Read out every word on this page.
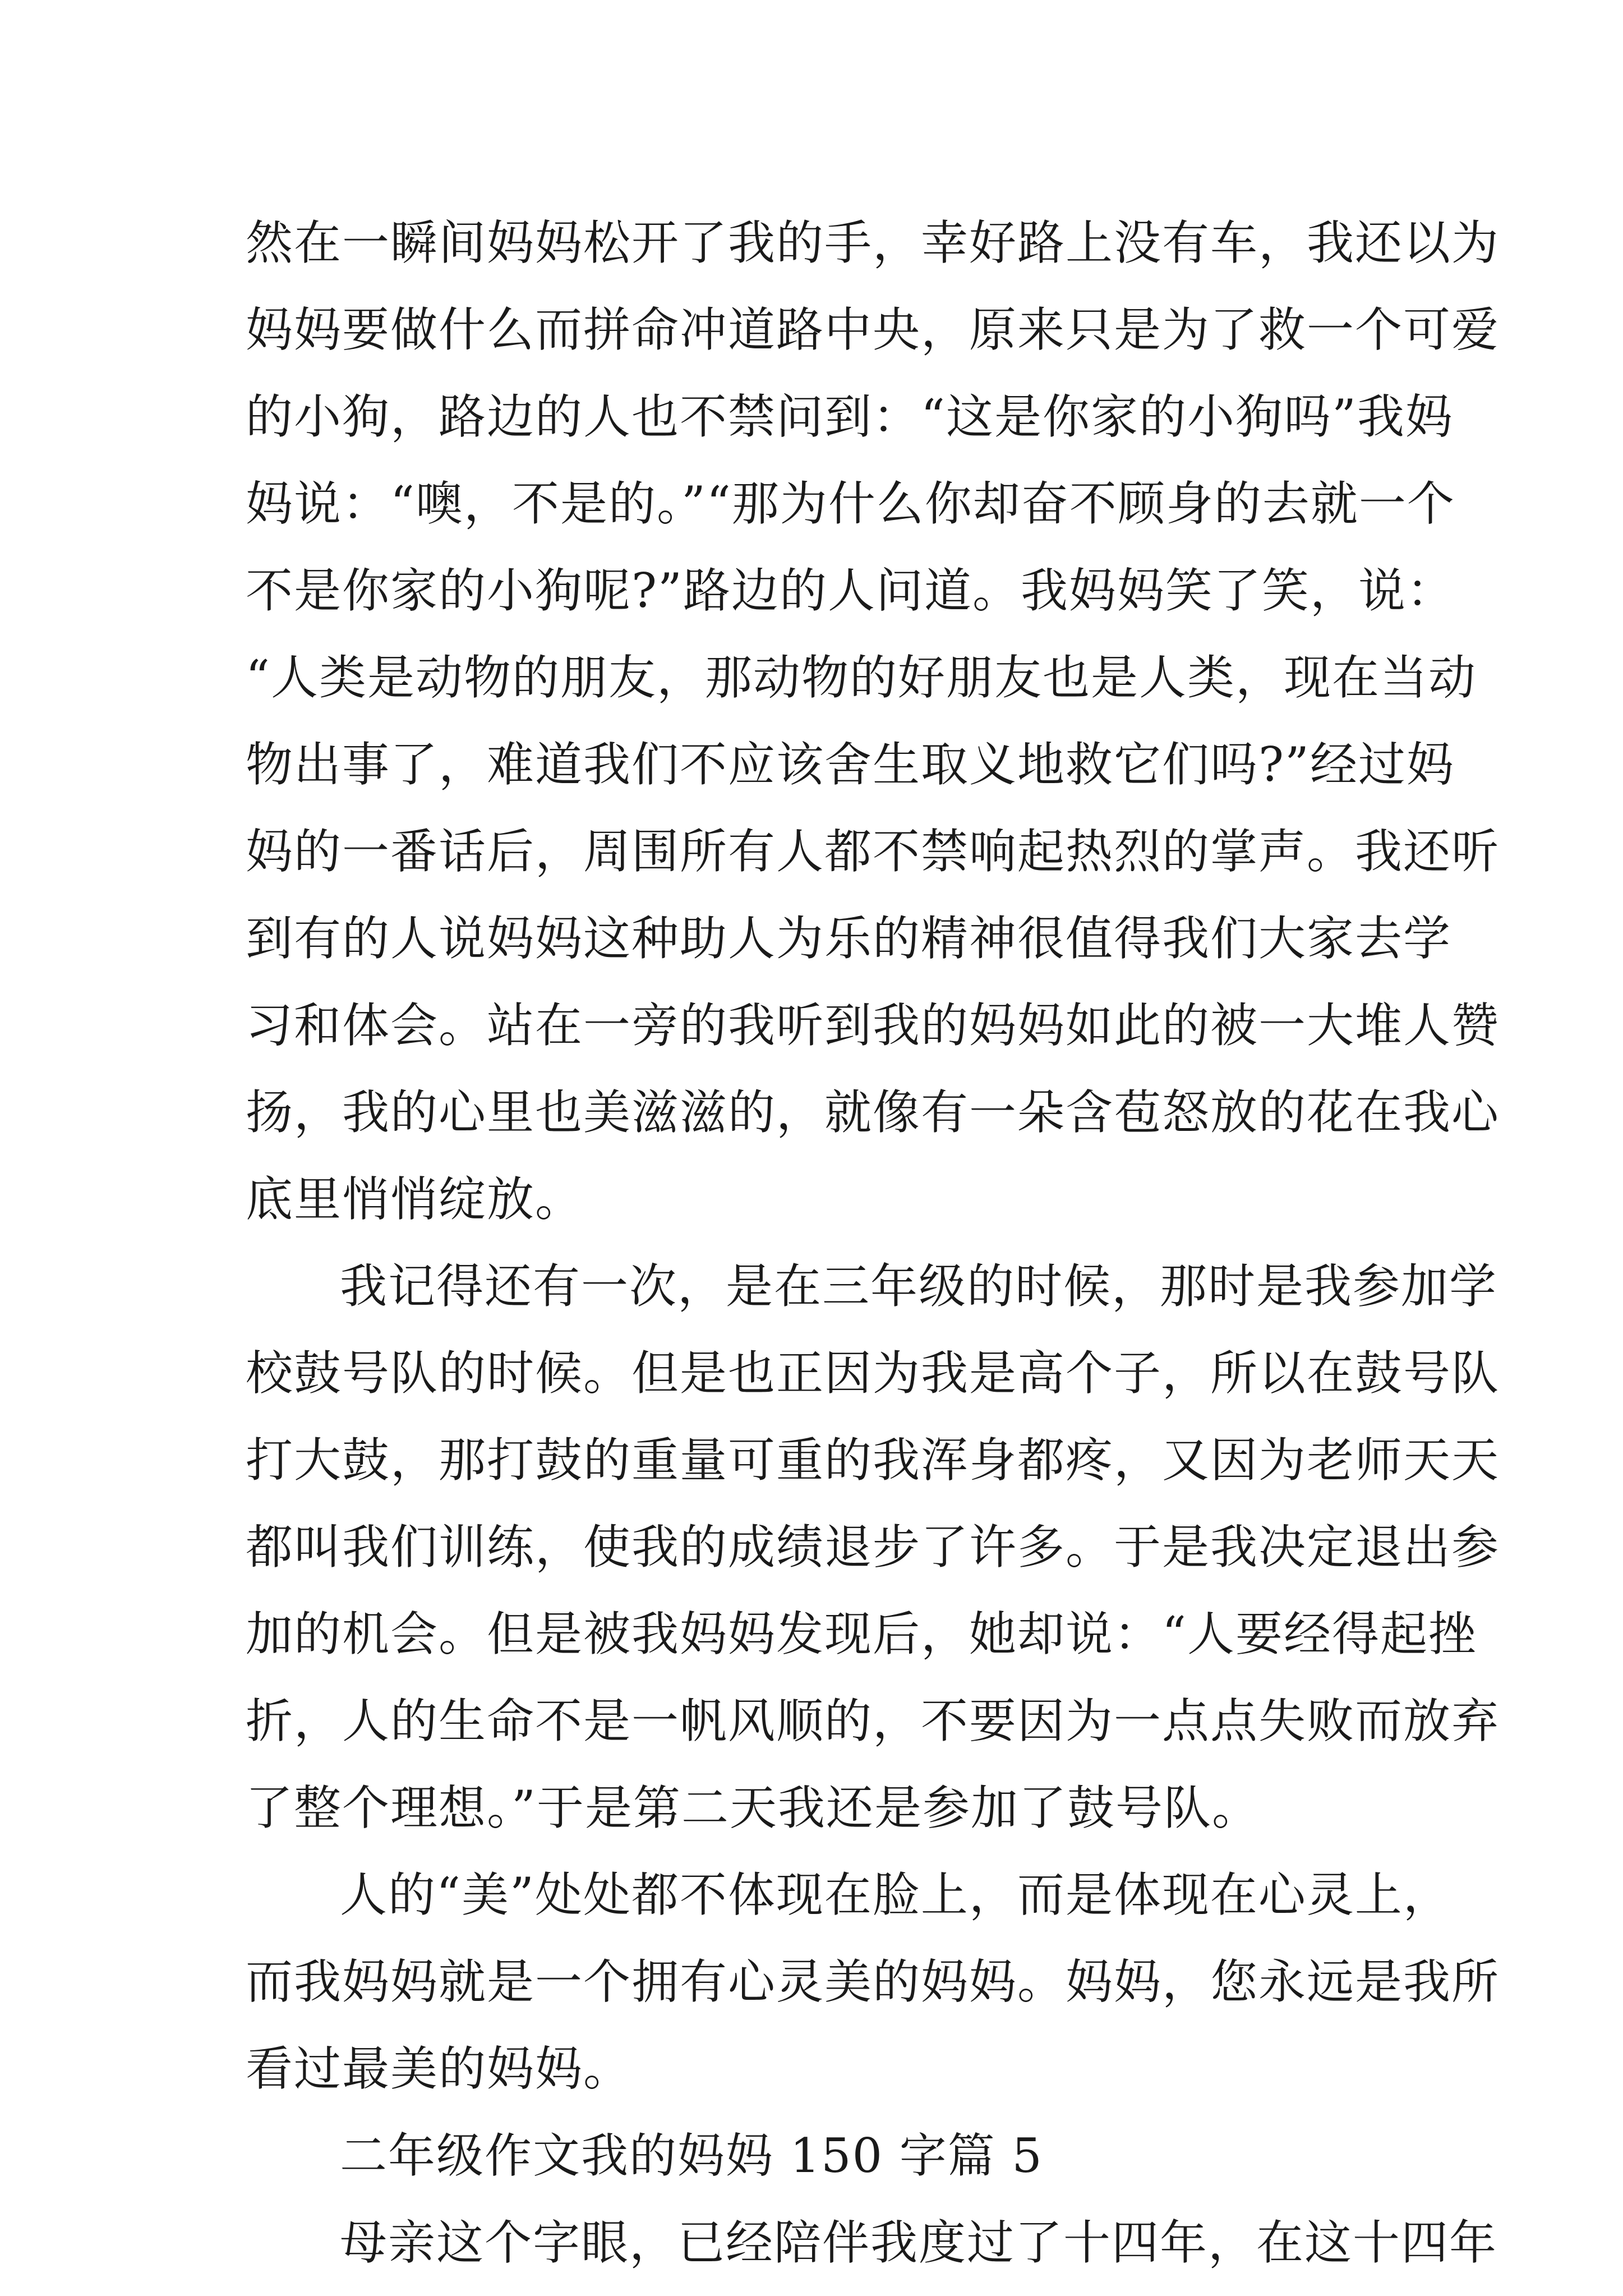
然在一瞬间妈妈松开了我的手，幸好路上没有车，我还以为
妈妈要做什么而拼命冲道路中央，原来只是为了救一个可爱
的小狗，路边的人也不禁问到：“这是你家的小狗吗”我妈
妈说：“噢，不是的。”“那为什么你却奋不顾身的去就一个
不是你家的小狗呢?”路边的人问道。我妈妈笑了笑，说：
“人类是动物的朋友，那动物的好朋友也是人类，现在当动
物出事了，难道我们不应该舍生取义地救它们吗?”经过妈
妈的一番话后，周围所有人都不禁响起热烈的掌声。我还听
到有的人说妈妈这种助人为乐的精神很值得我们大家去学
习和体会。站在一旁的我听到我的妈妈如此的被一大堆人赞
扬，我的心里也美滋滋的，就像有一朵含苞怒放的花在我心
底里悄悄绽放。
我记得还有一次，是在三年级的时候，那时是我参加学
校鼓号队的时候。但是也正因为我是高个子，所以在鼓号队
打大鼓，那打鼓的重量可重的我浑身都疼，又因为老师天天
都叫我们训练，使我的成绩退步了许多。于是我决定退出参
加的机会。但是被我妈妈发现后，她却说：“人要经得起挫
折，人的生命不是一帆风顺的，不要因为一点点失败而放弃
了整个理想。”于是第二天我还是参加了鼓号队。
人的“美”处处都不体现在脸上，而是体现在心灵上，
而我妈妈就是一个拥有心灵美的妈妈。妈妈，您永远是我所
看过最美的妈妈。
二年级作文我的妈妈 150 字篇 5
母亲这个字眼，已经陪伴我度过了十四年，在这十四年
